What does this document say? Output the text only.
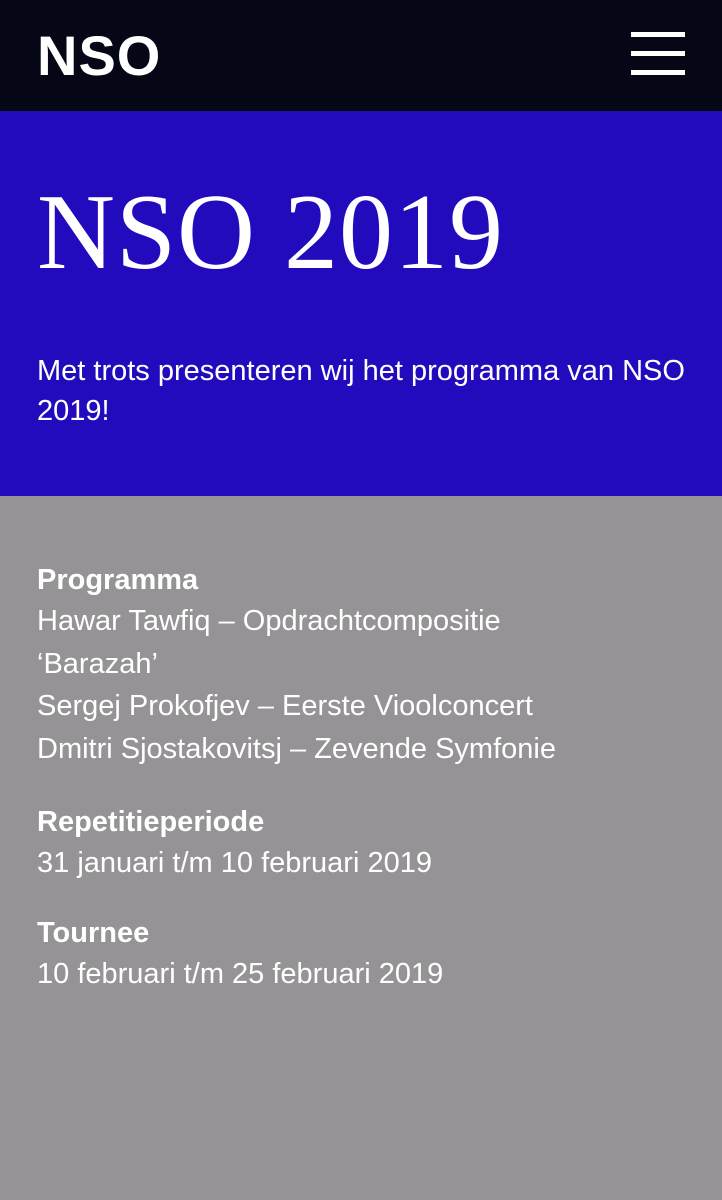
NSO
NSO 2019

Met trots presenteren wij het programma van NSO 2019!

Programma

Hawar Tawfiq – Opdrachtcompositie

‘Barazah’

Sergej Prokofjev – Eerste Vioolconcert

Dmitri Sjostakovitsj – Zevende Symfonie

Repetitieperiode

31 januari t/m 10 februari 2019

Tournee

10 februari t/m 25 februari 2019
